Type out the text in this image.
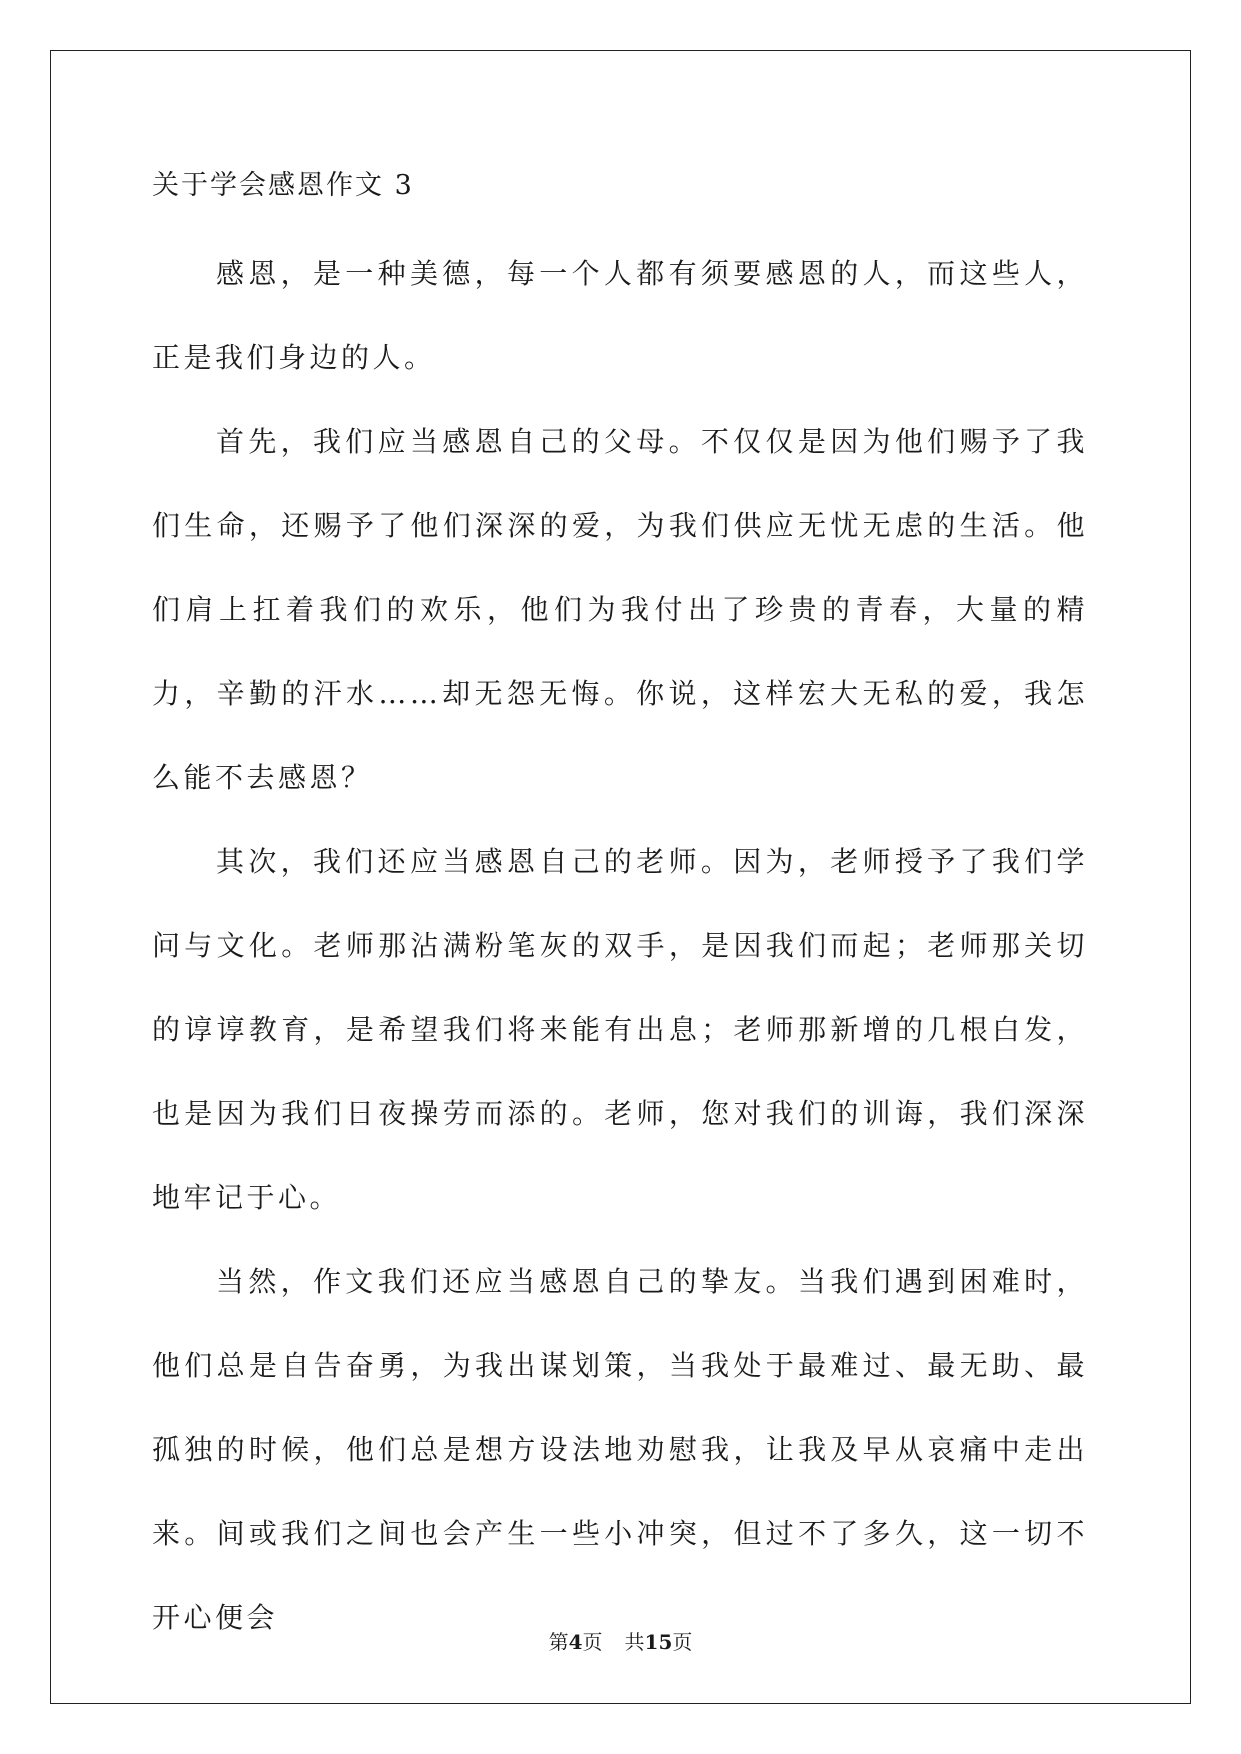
关于学会感恩作文 3

感恩，是一种美德，每一个人都有须要感恩的人，而这些人，正是我们身边的人。

首先，我们应当感恩自己的父母。不仅仅是因为他们赐予了我们生命，还赐予了他们深深的爱，为我们供应无忧无虑的生活。他们肩上扛着我们的欢乐，他们为我付出了珍贵的青春，大量的精力，辛勤的汗水……却无怨无悔。你说，这样宏大无私的爱，我怎么能不去感恩？

其次，我们还应当感恩自己的老师。因为，老师授予了我们学问与文化。老师那沾满粉笔灰的双手，是因我们而起；老师那关切的谆谆教育，是希望我们将来能有出息；老师那新增的几根白发，也是因为我们日夜操劳而添的。老师，您对我们的训诲，我们深深地牢记于心。

当然，作文我们还应当感恩自己的挚友。当我们遇到困难时，他们总是自告奋勇，为我出谋划策，当我处于最难过、最无助、最孤独的时候，他们总是想方设法地劝慰我，让我及早从哀痛中走出来。间或我们之间也会产生一些小冲突，但过不了多久，这一切不开心便会

第4页 共15页
